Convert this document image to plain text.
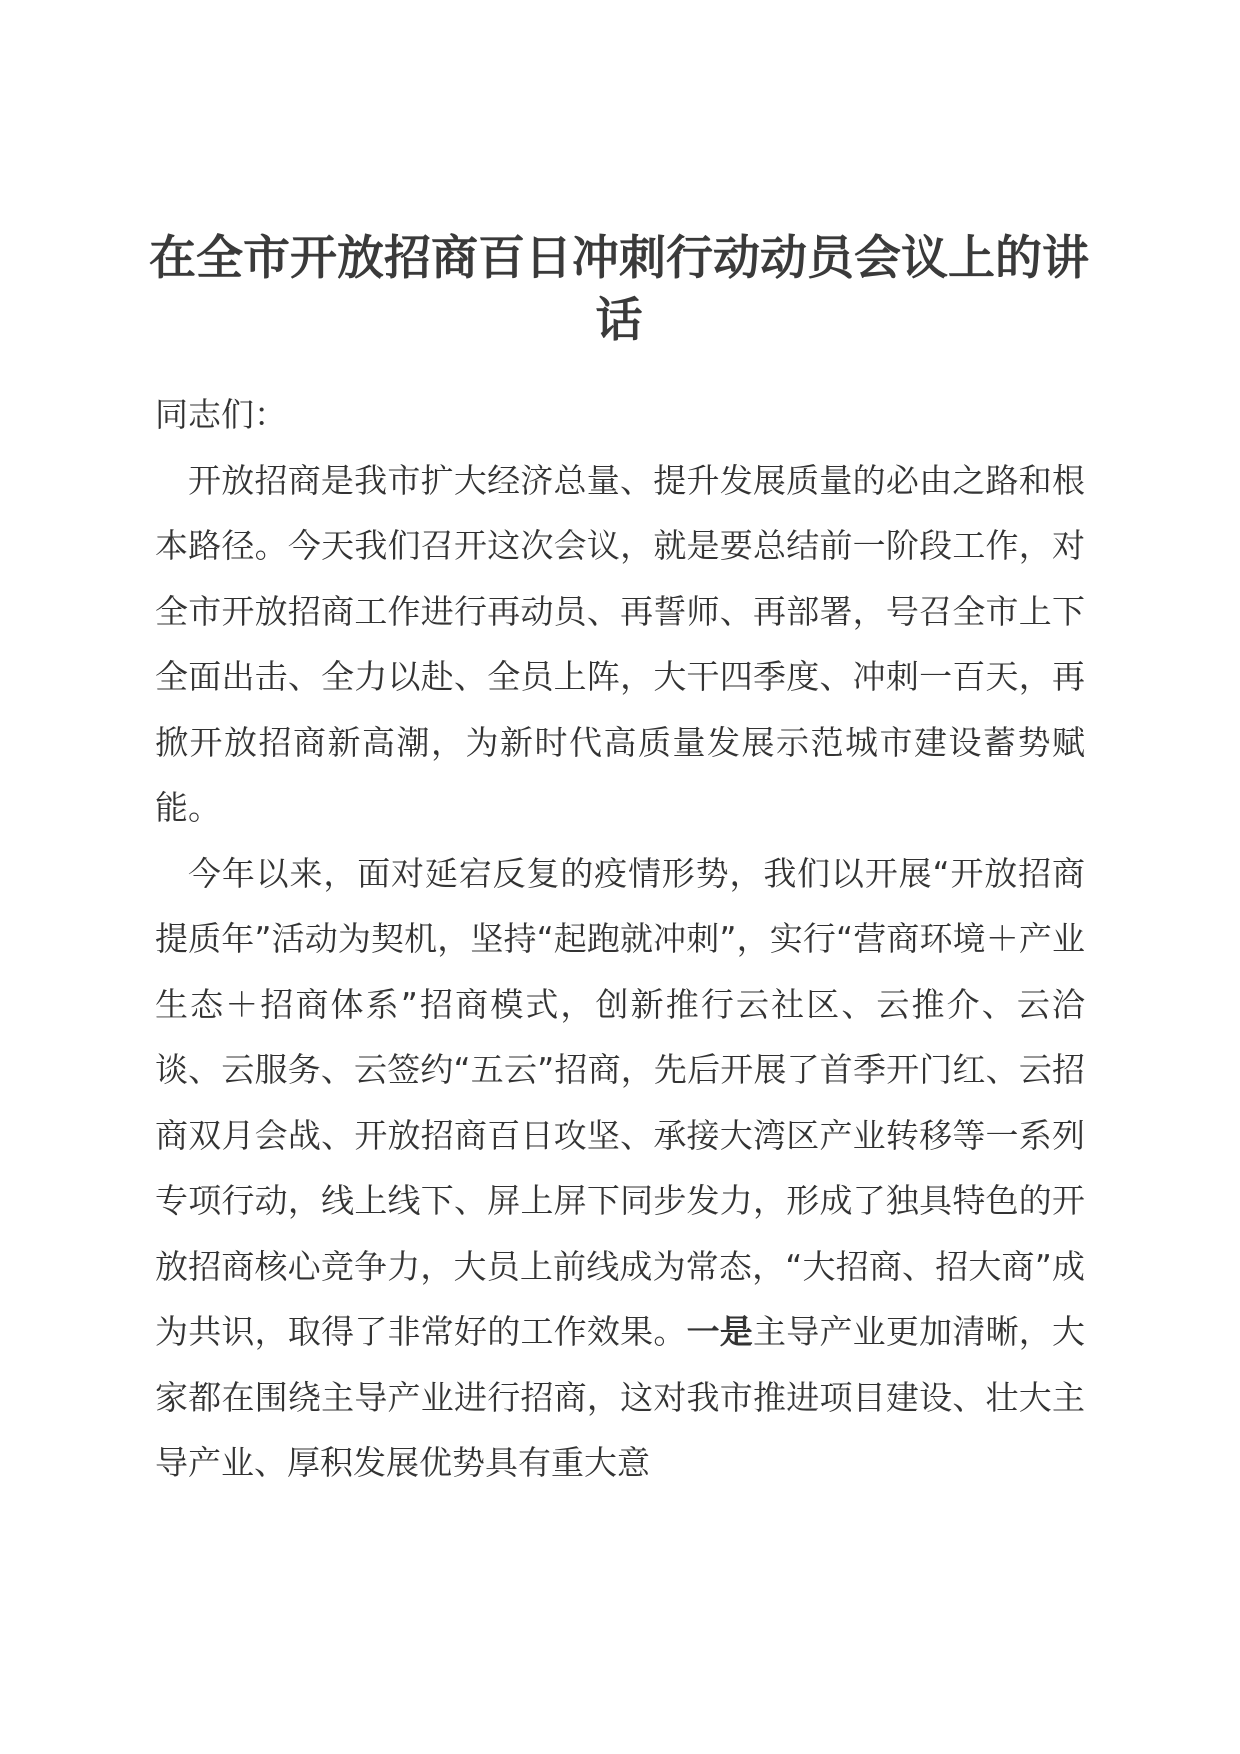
在全市开放招商百日冲刺行动动员会议上的讲话

同志们：

开放招商是我市扩大经济总量、提升发展质量的必由之路和根本路径。今天我们召开这次会议，就是要总结前一阶段工作，对全市开放招商工作进行再动员、再誓师、再部署，号召全市上下全面出击、全力以赴、全员上阵，大干四季度、冲刺一百天，再掀开放招商新高潮，为新时代高质量发展示范城市建设蓄势赋能。

今年以来，面对延宕反复的疫情形势，我们以开展“开放招商提质年”活动为契机，坚持“起跑就冲刺”，实行“营商环境＋产业生态＋招商体系”招商模式，创新推行云社区、云推介、云洽谈、云服务、云签约“五云”招商，先后开展了首季开门红、云招商双月会战、开放招商百日攻坚、承接大湾区产业转移等一系列专项行动，线上线下、屏上屏下同步发力，形成了独具特色的开放招商核心竞争力，大员上前线成为常态，“大招商、招大商”成为共识，取得了非常好的工作效果。一是主导产业更加清晰，大家都在围绕主导产业进行招商，这对我市推进项目建设、壮大主导产业、厚积发展优势具有重大意
